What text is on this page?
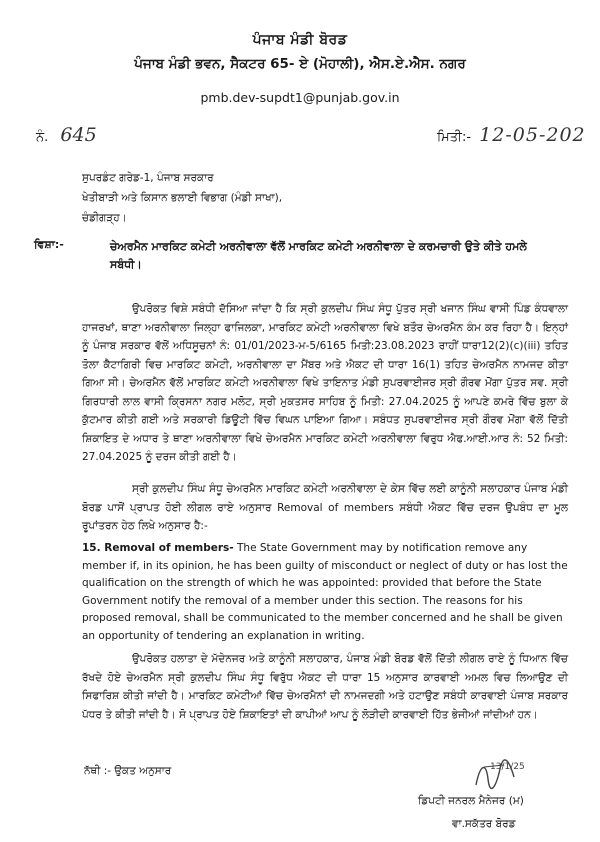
ਪੰਜਾਬ ਮੰਡੀ ਬੋਰਡ
ਪੰਜਾਬ ਮੰਡੀ ਭਵਨ, ਸੈਕਟਰ 65- ਏ (ਮੋਹਾਲੀ), ਐਸ.ਏ.ਐਸ. ਨਗਰ
pmb.dev-supdt1@punjab.gov.in
ਨੰ. 645	ਮਿਤੀ:- 12-05-202
ਸੁਪਰਡੰਟ ਗਰੇਡ-1, ਪੰਜਾਬ ਸਰਕਾਰ
ਖੇਤੀਬਾੜੀ ਅਤੇ ਕਿਸਾਨ ਭਲਾਈ ਵਿਭਾਗ (ਮੰਡੀ ਸਾਖਾ),
ਚੰਡੀਗੜ੍ਹ।
ਵਿਸ਼ਾ:-	ਚੇਅਰਮੈਨ ਮਾਰਕਿਟ ਕਮੇਟੀ ਅਰਨੀਵਾਲਾ ਵੱਲੋਂ ਮਾਰਕਿਟ ਕਮੇਟੀ ਅਰਨੀਵਾਲਾ ਦੇ ਕਰਮਚਾਰੀ ਉਤੇ ਕੀਤੇ ਹਮਲੇ ਸਬੰਧੀ।
ਉਪਰੋਕਤ ਵਿਸ਼ੇ ਸਬੰਧੀ ਦੱਸਿਆ ਜਾਂਦਾ ਹੈ ਕਿ ਸ੍ਰੀ ਕੁਲਦੀਪ ਸਿੰਘ ਸੰਧੂ ਪੁੱਤਰ ਸ੍ਰੀ ਖਜਾਨ ਸਿੰਘ ਵਾਸੀ ਪਿੰਡ ਕੰਧਵਾਲਾ ਹਾਜਰਖਾਂ, ਥਾਣਾ ਅਰਨੀਵਾਲਾ ਜਿਲ੍ਹਾ ਫਾਜਿਲਕਾ, ਮਾਰਕਿਟ ਕਮੇਟੀ ਅਰਨੀਵਾਲਾ ਵਿਖੇ ਬਤੌਰ ਚੇਅਰਮੈਨ ਕੰਮ ਕਰ ਰਿਹਾ ਹੈ। ਇਨ੍ਹਾਂ ਨੂੰ ਪੰਜਾਬ ਸਰਕਾਰ ਵੱਲੋਂ ਅਧਿਸੂਚਨਾਂ ਨੰ: 01/01/2023-ਮ-5/6165 ਮਿਤੀ:23.08.2023 ਰਾਹੀਂ ਧਾਰਾ12(2)(c)(iii) ਤਹਿਤ ਤੋਲਾ ਕੈਟਾਗਿਰੀ ਵਿਚ ਮਾਰਕਿਟ ਕਮੇਟੀ, ਅਰਨੀਵਾਲਾ ਦਾ ਮੈਂਬਰ ਅਤੇ ਐਕਟ ਦੀ ਧਾਰਾ 16(1) ਤਹਿਤ ਚੇਅਰਮੈਨ ਨਾਮਜਦ ਕੀਤਾ ਗਿਆ ਸੀ। ਚੇਅਰਮੈਨ ਵੱਲੋਂ ਮਾਰਕਿਟ ਕਮੇਟੀ ਅਰਨੀਵਾਲਾ ਵਿਖੇ ਤਾਇਨਾਤ ਮੰਡੀ ਸੁਪਰਵਾਈਜਰ ਸ੍ਰੀ ਗੌਰਵ ਮੋਂਗਾ ਪੁੱਤਰ ਸਵ. ਸ੍ਰੀ ਗਿਰਧਾਰੀ ਲਾਲ ਵਾਸੀ ਕ੍ਰਿਸਨਾ ਨਗਰ ਮਲੋਟ, ਸ੍ਰੀ ਮੁਕਤਸਰ ਸਾਹਿਬ ਨੂੰ ਮਿਤੀ: 27.04.2025 ਨੂੰ ਆਪਣੇ ਕਮਰੇ ਵਿੱਚ ਬੁਲਾ ਕੇ ਕੁੱਟਮਾਰ ਕੀਤੀ ਗਈ ਅਤੇ ਸਰਕਾਰੀ ਡਿਊਟੀ ਵਿੱਚ ਵਿਘਨ ਪਾਇਆ ਗਿਆ। ਸਬੰਧਤ ਸੁਪਰਵਾਈਜਰ ਸ੍ਰੀ ਗੌਰਵ ਮੋਂਗਾ ਵੱਲੋਂ ਦਿੱਤੀ ਸ਼ਿਕਾਇਤ ਦੇ ਅਧਾਰ ਤੇ ਥਾਣਾ ਅਰਨੀਵਾਲਾ ਵਿਖੇ ਚੇਅਰਮੈਨ ਮਾਰਕਿਟ ਕਮੇਟੀ ਅਰਨੀਵਾਲਾ ਵਿਰੁਧ ਐਫ.ਆਈ.ਆਰ ਨੰ: 52 ਮਿਤੀ: 27.04.2025 ਨੂੰ ਦਰਜ ਕੀਤੀ ਗਈ ਹੈ।
ਸ੍ਰੀ ਕੁਲਦੀਪ ਸਿੰਘ ਸੰਧੂ ਚੇਅਰਮੈਨ ਮਾਰਕਿਟ ਕਮੇਟੀ ਅਰਨੀਵਾਲਾ ਦੇ ਕੇਸ ਵਿੱਚ ਲਈ ਕਾਨੂੰਨੀ ਸਲਾਹਕਾਰ ਪੰਜਾਬ ਮੰਡੀ ਬੋਰਡ ਪਾਸੋਂ ਪ੍ਰਾਪਤ ਹੋਈ ਲੀਗਲ ਰਾਏ ਅਨੁਸਾਰ Removal of members ਸਬੰਧੀ ਐਕਟ ਵਿੱਚ ਦਰਜ ਉਪਬੰਧ ਦਾ ਮੂਲ ਰੂਪਾਂਤਰਨ ਹੇਠ ਲਿਖੇ ਅਨੁਸਾਰ ਹੈ:-
15. Removal of members- The State Government may by notification remove any member if, in its opinion, he has been guilty of misconduct or neglect of duty or has lost the qualification on the strength of which he was appointed: provided that before the State Government notify the removal of a member under this section. The reasons for his proposed removal, shall be communicated to the member concerned and he shall be given an opportunity of tendering an explanation in writing.
ਉਪਰੋਕਤ ਹਲਾਤਾ ਦੇ ਮੱਦੇਨਜਰ ਅਤੇ ਕਾਨੂੰਨੀ ਸਲਾਹਕਾਰ, ਪੰਜਾਬ ਮੰਡੀ ਬੋਰਡ ਵੱਲੋਂ ਦਿੱਤੀ ਲੀਗਲ ਰਾਏ ਨੂੰ ਧਿਆਨ ਵਿੱਚ ਰੱਖਦੇ ਹੋਏ ਚੇਅਰਮੈਨ ਸ੍ਰੀ ਕੁਲਦੀਪ ਸਿੰਘ ਸੰਧੂ ਵਿਰੁੱਧ ਐਕਟ ਦੀ ਧਾਰਾ 15 ਅਨੁਸਾਰ ਕਾਰਵਾਈ ਅਮਲ ਵਿਚ ਲਿਆਉਣ ਦੀ ਸਿਫਾਰਿਸ਼ ਕੀਤੀ ਜਾਂਦੀ ਹੈ। ਮਾਰਕਿਟ ਕਮੇਟੀਆਂ ਵਿੱਚ ਚੇਅਰਮੈਨਾਂ ਦੀ ਨਾਮਜਦਗੀ ਅਤੇ ਹਟਾਉਣ ਸਬੰਧੀ ਕਾਰਵਾਈ ਪੰਜਾਬ ਸਰਕਾਰ ਪੱਧਰ ਤੇ ਕੀਤੀ ਜਾਂਦੀ ਹੈ। ਸੋ ਪ੍ਰਾਪਤ ਹੋਏ ਸ਼ਿਕਾਇਤਾਂ ਦੀ ਕਾਪੀਆਂ ਆਪ ਨੂੰ ਲੋੜੀਦੀ ਕਾਰਵਾਈ ਹਿੱਤ ਭੇਜੀਆਂ ਜਾਂਦੀਆਂ ਹਨ।
ਨੱਥੀ :- ਉਕਤ ਅਨੁਸਾਰ	13/1/25
ਡਿਪਟੀ ਜਨਰਲ ਮੈਨੇਜਰ (ਮ)
ਵਾ.ਸਕੱਤਰ ਬੋਰਡ
